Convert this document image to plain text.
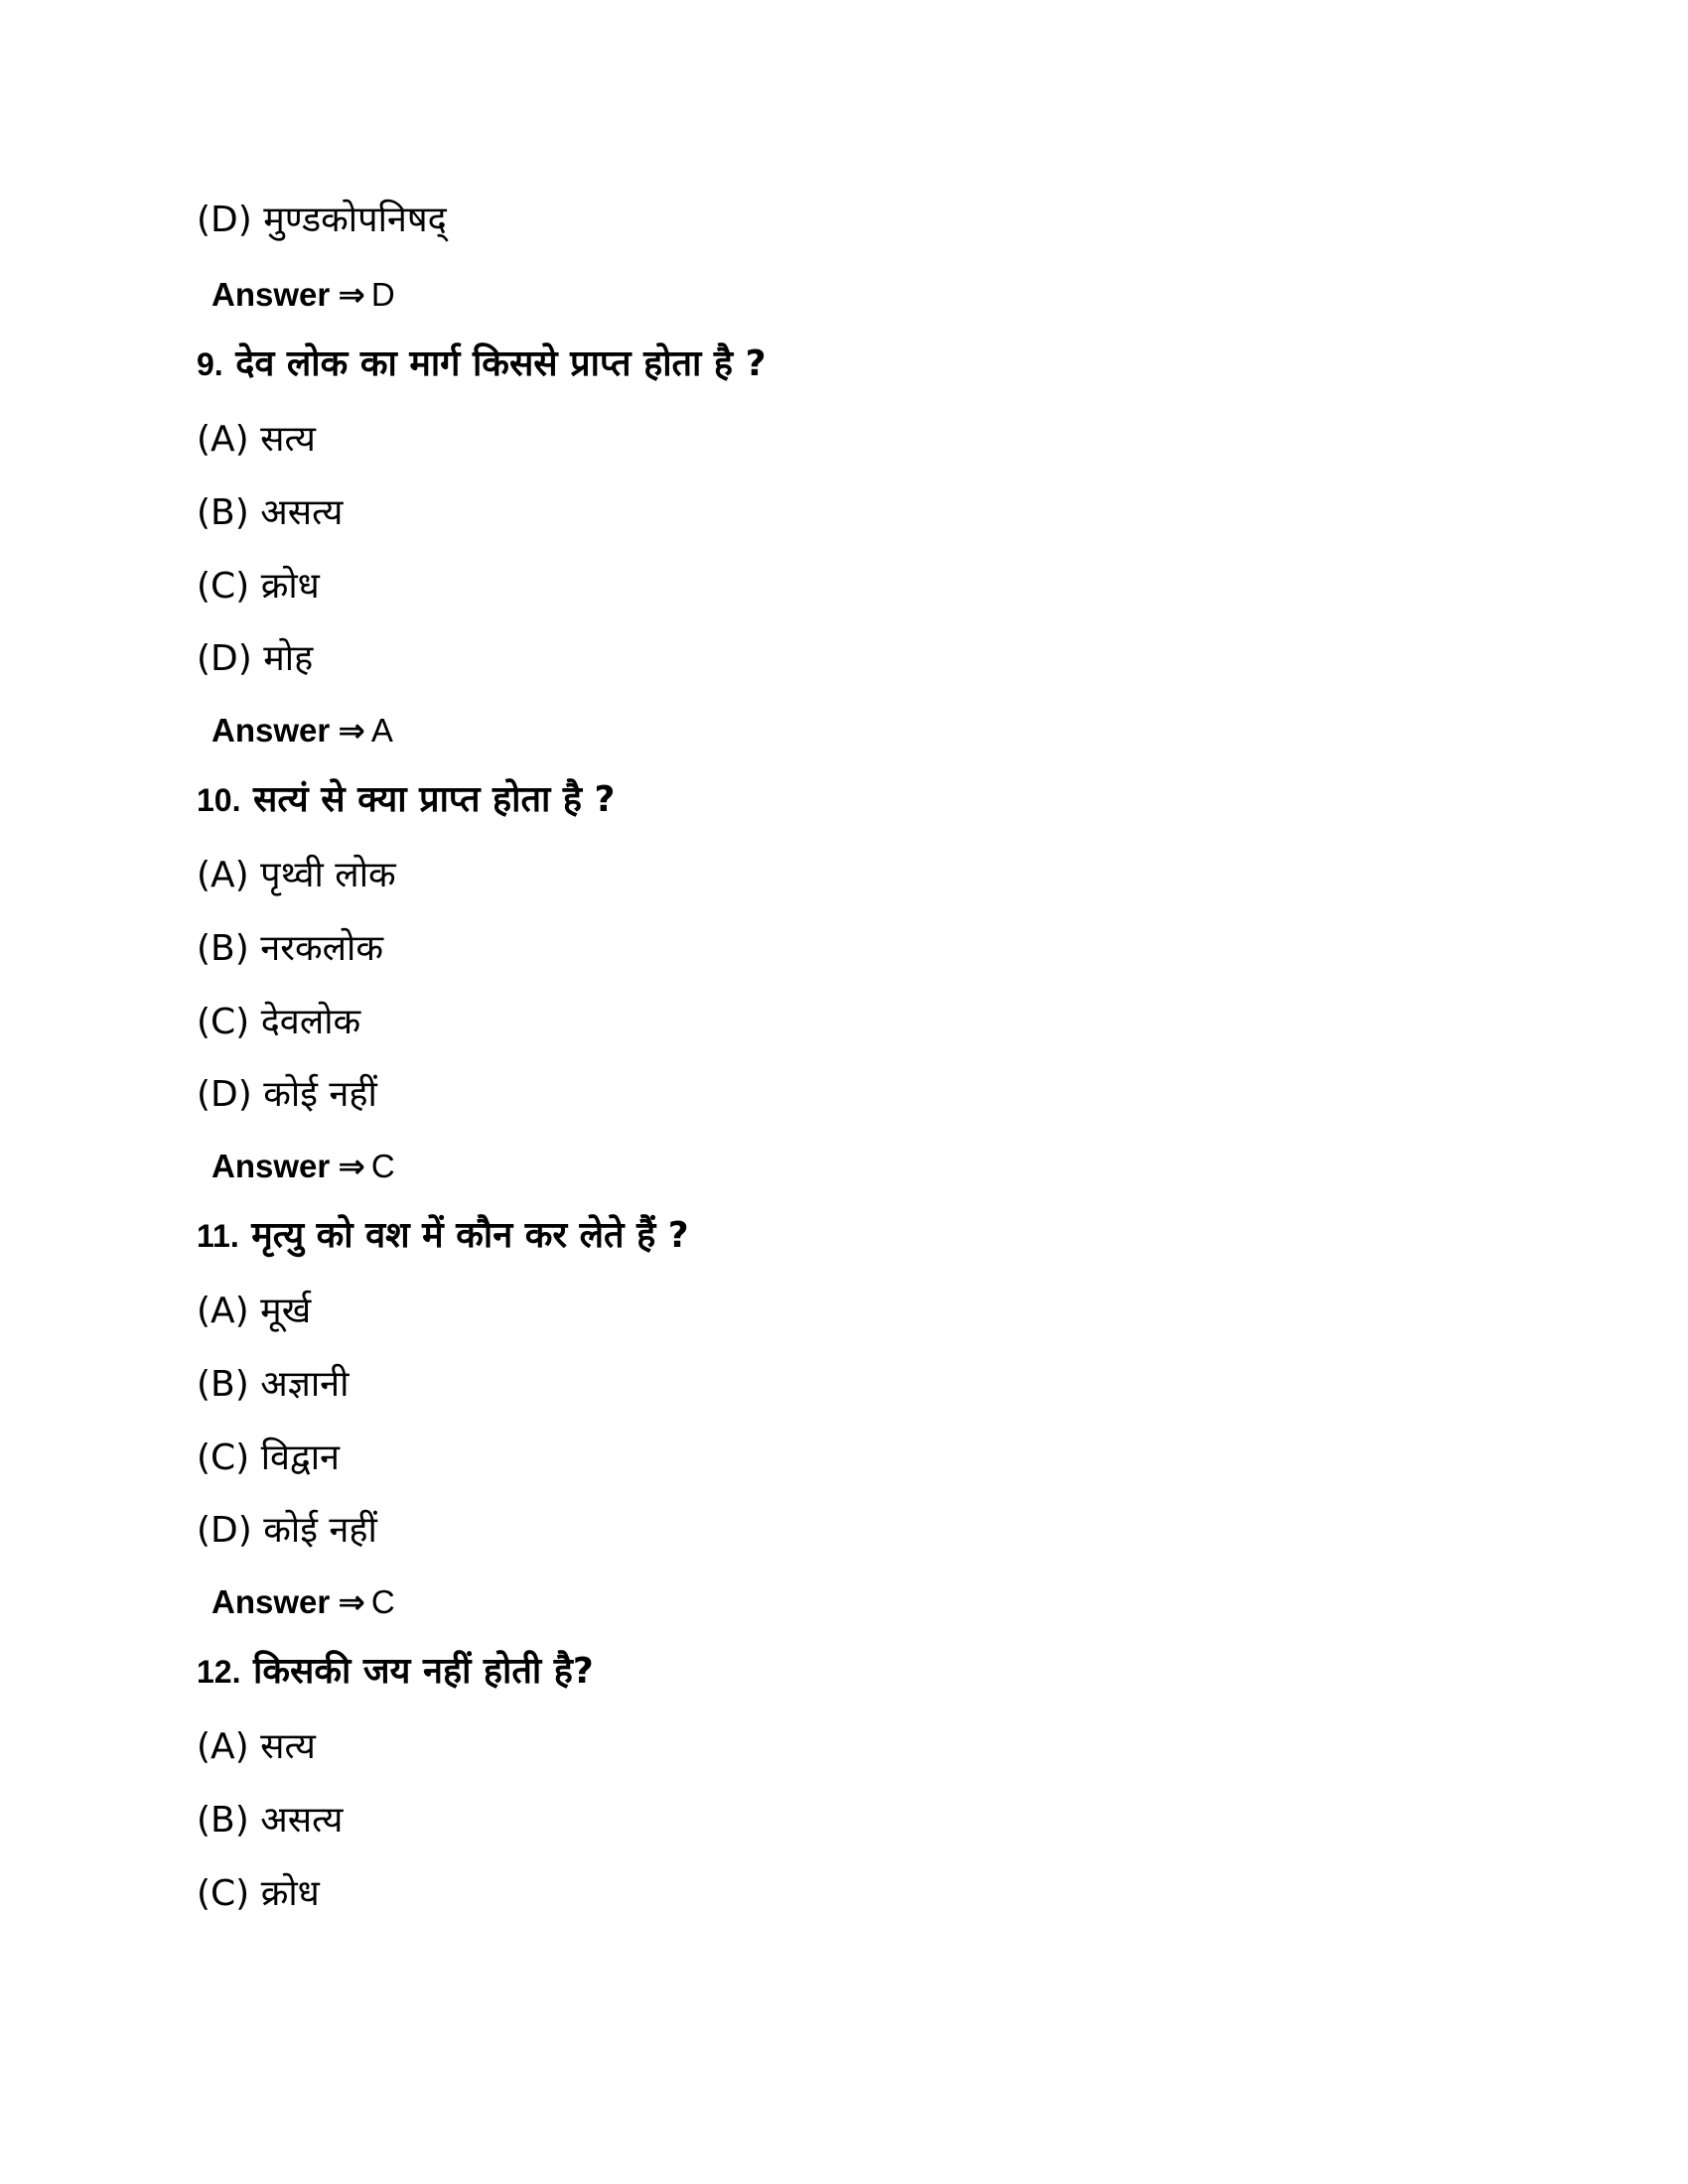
(D) मुण्डकोपनिषद्
Answer ⇒ D
9. देव लोक का मार्ग किससे प्राप्त होता है ?
(A) सत्य
(B) असत्य
(C) क्रोध
(D) मोह
Answer ⇒ A
10. सत्यं से क्या प्राप्त होता है ?
(A) पृथ्वी लोक
(B) नरकलोक
(C) देवलोक
(D) कोई नहीं
Answer ⇒ C
11. मृत्यु को वश में कौन कर लेते हैं ?
(A) मूर्ख
(B) अज्ञानी
(C) विद्वान
(D) कोई नहीं
Answer ⇒ C
12. किसकी जय नहीं होती है?
(A) सत्य
(B) असत्य
(C) क्रोध
